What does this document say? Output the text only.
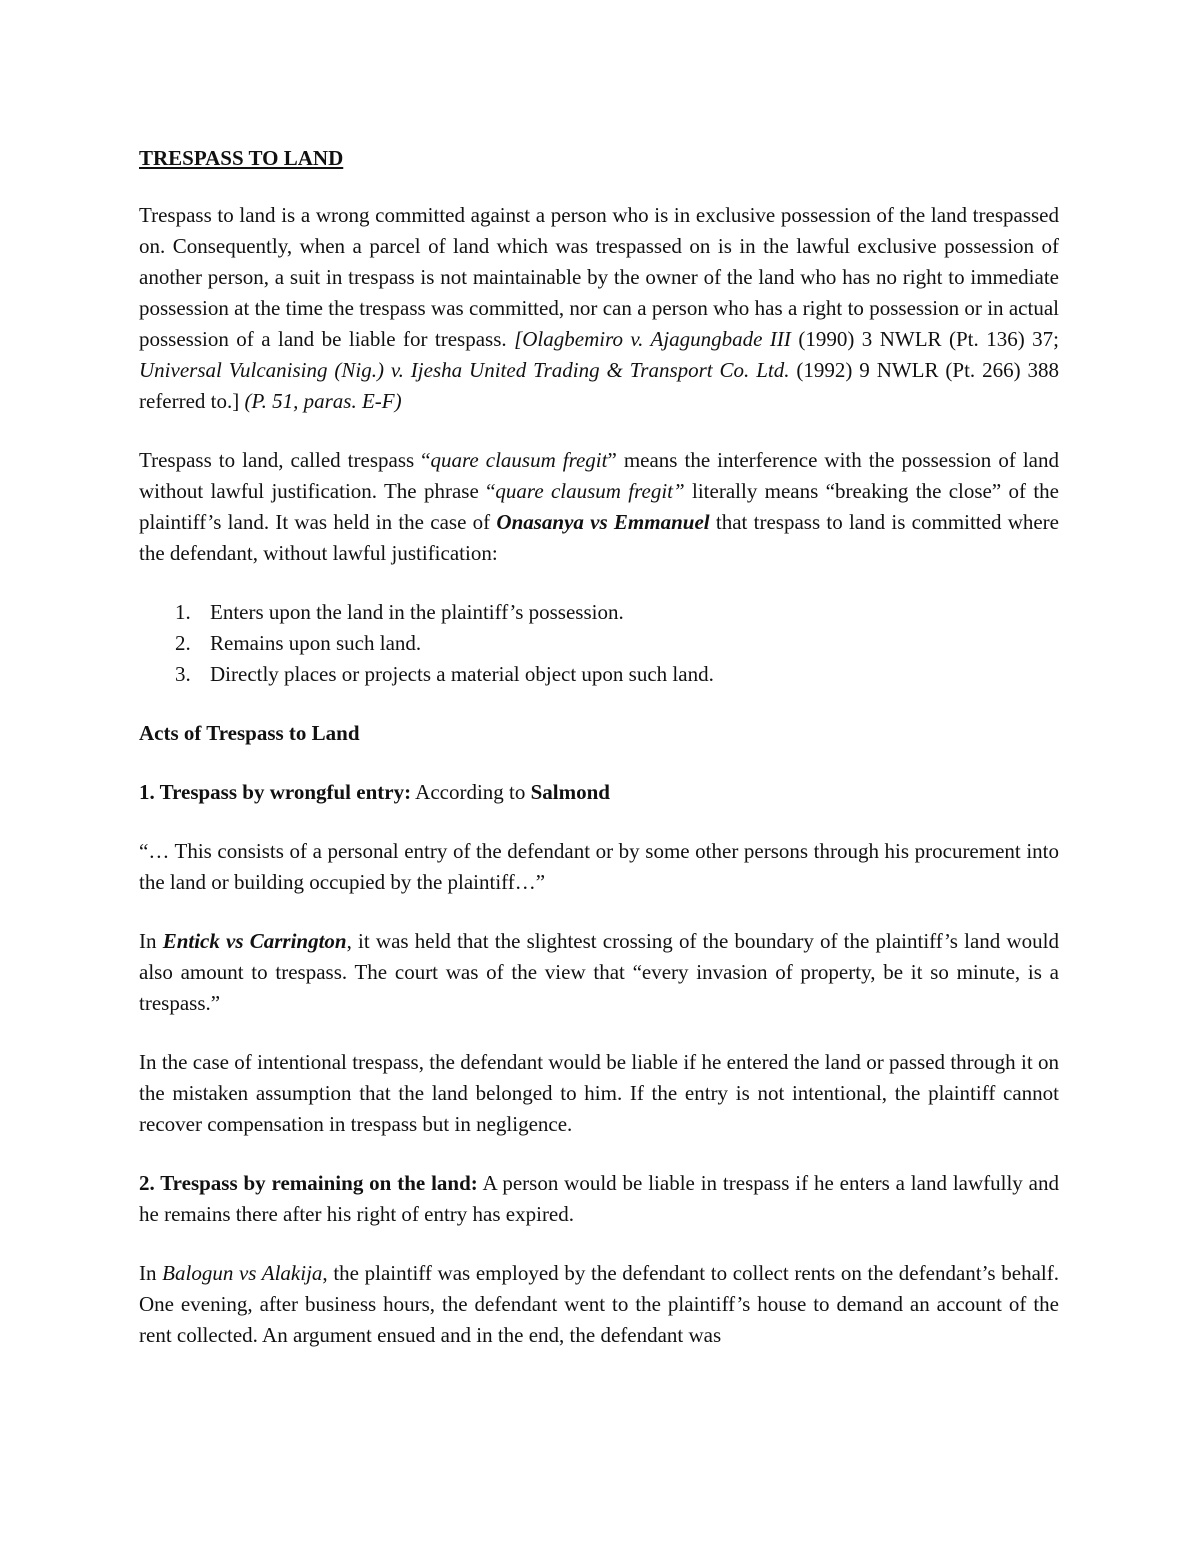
TRESPASS TO LAND

Trespass to land is a wrong committed against a person who is in exclusive possession of the land trespassed on. Consequently, when a parcel of land which was trespassed on is in the lawful exclusive possession of another person, a suit in trespass is not maintainable by the owner of the land who has no right to immediate possession at the time the trespass was committed, nor can a person who has a right to possession or in actual possession of a land be liable for trespass. [Olagbemiro v. Ajagungbade III (1990) 3 NWLR (Pt. 136) 37; Universal Vulcanising (Nig.) v. Ijesha United Trading & Transport Co. Ltd. (1992) 9 NWLR (Pt. 266) 388 referred to.] (P. 51, paras. E-F)

Trespass to land, called trespass “quare clausum fregit” means the interference with the possession of land without lawful justification. The phrase “quare clausum fregit” literally means “breaking the close” of the plaintiff’s land. It was held in the case of Onasanya vs Emmanuel that trespass to land is committed where the defendant, without lawful justification:

1. Enters upon the land in the plaintiff’s possession.
2. Remains upon such land.
3. Directly places or projects a material object upon such land.
Acts of Trespass to Land

1. Trespass by wrongful entry: According to Salmond

“… This consists of a personal entry of the defendant or by some other persons through his procurement into the land or building occupied by the plaintiff…”

In Entick vs Carrington, it was held that the slightest crossing of the boundary of the plaintiff’s land would also amount to trespass. The court was of the view that “every invasion of property, be it so minute, is a trespass.”

In the case of intentional trespass, the defendant would be liable if he entered the land or passed through it on the mistaken assumption that the land belonged to him. If the entry is not intentional, the plaintiff cannot recover compensation in trespass but in negligence.

2. Trespass by remaining on the land: A person would be liable in trespass if he enters a land lawfully and he remains there after his right of entry has expired.

In Balogun vs Alakija, the plaintiff was employed by the defendant to collect rents on the defendant’s behalf. One evening, after business hours, the defendant went to the plaintiff’s house to demand an account of the rent collected. An argument ensued and in the end, the defendant was
